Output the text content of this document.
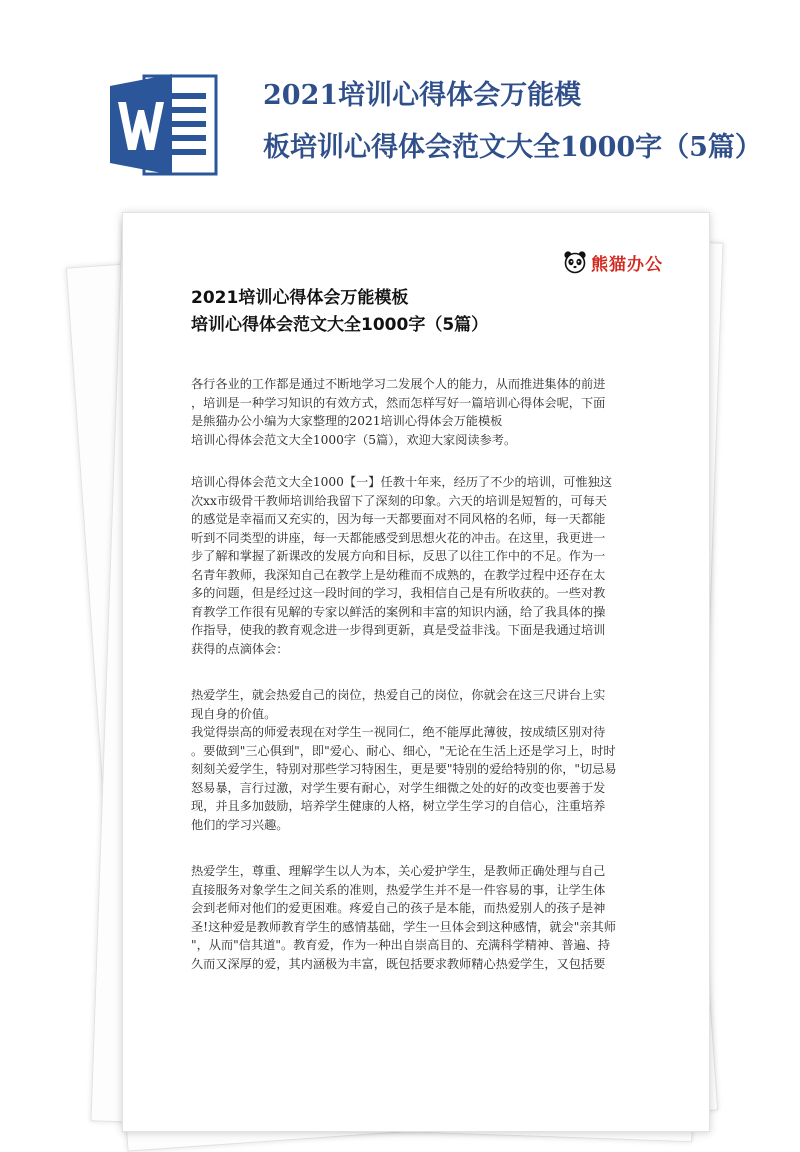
2021培训心得体会万能模
板培训心得体会范文大全1000字（5篇）
熊猫办公
2021培训心得体会万能模板
培训心得体会范文大全1000字（5篇）
各行各业的工作都是通过不断地学习二发展个人的能力，从而推进集体的前进
，培训是一种学习知识的有效方式，然而怎样写好一篇培训心得体会呢，下面
是熊猫办公小编为大家整理的2021培训心得体会万能模板
培训心得体会范文大全1000字（5篇），欢迎大家阅读参考。
培训心得体会范文大全1000【一】任教十年来，经历了不少的培训，可惟独这
次xx市级骨干教师培训给我留下了深刻的印象。六天的培训是短暂的，可每天
的感觉是幸福而又充实的，因为每一天都要面对不同风格的名师，每一天都能
听到不同类型的讲座，每一天都能感受到思想火花的冲击。在这里，我更进一
步了解和掌握了新课改的发展方向和目标，反思了以往工作中的不足。作为一
名青年教师，我深知自己在教学上是幼稚而不成熟的，在教学过程中还存在太
多的问题，但是经过这一段时间的学习，我相信自己是有所收获的。一些对教
育教学工作很有见解的专家以鲜活的案例和丰富的知识内涵，给了我具体的操
作指导，使我的教育观念进一步得到更新，真是受益非浅。下面是我通过培训
获得的点滴体会：
热爱学生，就会热爱自己的岗位，热爱自己的岗位，你就会在这三尺讲台上实
现自身的价值。
我觉得崇高的师爱表现在对学生一视同仁，绝不能厚此薄彼，按成绩区别对待
。要做到"三心俱到"，即"爱心、耐心、细心，"无论在生活上还是学习上，时时
刻刻关爱学生，特别对那些学习特困生，更是要"特别的爱给特别的你，"切忌易
怒易暴，言行过激，对学生要有耐心，对学生细微之处的好的改变也要善于发
现，并且多加鼓励，培养学生健康的人格，树立学生学习的自信心，注重培养
他们的学习兴趣。
热爱学生，尊重、理解学生以人为本，关心爱护学生，是教师正确处理与自己
直接服务对象学生之间关系的准则，热爱学生并不是一件容易的事，让学生体
会到老师对他们的爱更困难。疼爱自己的孩子是本能，而热爱别人的孩子是神
圣!这种爱是教师教育学生的感情基础，学生一旦体会到这种感情，就会"亲其师
"，从而"信其道"。教育爱，作为一种出自崇高目的、充满科学精神、普遍、持
久而又深厚的爱，其内涵极为丰富，既包括要求教师精心热爱学生，又包括要
